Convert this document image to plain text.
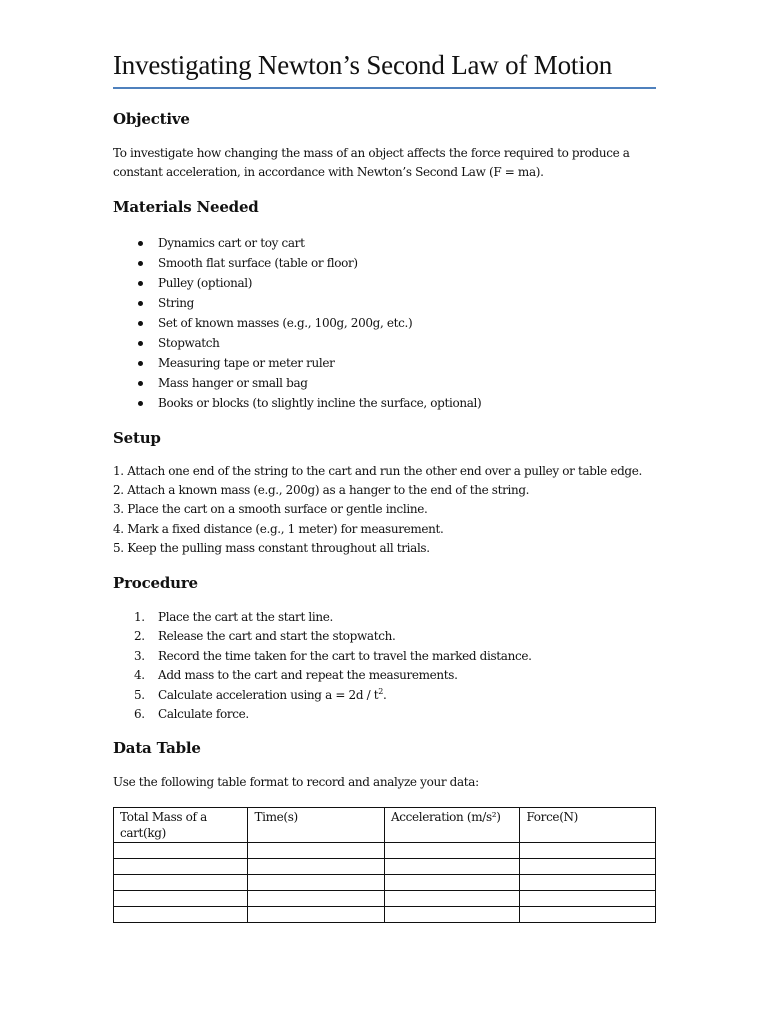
Investigating Newton’s Second Law of Motion
Objective

To investigate how changing the mass of an object affects the force required to produce a constant acceleration, in accordance with Newton’s Second Law (F = ma).

Materials Needed
Dynamics cart or toy cart
Smooth flat surface (table or floor)
Pulley (optional)
String
Set of known masses (e.g., 100g, 200g, etc.)
Stopwatch
Measuring tape or meter ruler
Mass hanger or small bag
Books or blocks (to slightly incline the surface, optional)
Setup
1. Attach one end of the string to the cart and run the other end over a pulley or table edge.
2. Attach a known mass (e.g., 200g) as a hanger to the end of the string.
3. Place the cart on a smooth surface or gentle incline.
4. Mark a fixed distance (e.g., 1 meter) for measurement.
5. Keep the pulling mass constant throughout all trials.
Procedure
1. Place the cart at the start line.
2. Release the cart and start the stopwatch.
3. Record the time taken for the cart to travel the marked distance.
4. Add mass to the cart and repeat the measurements.
5. Calculate acceleration using $a = 2d / t^2$.
6. Calculate force.
Data Table

Use the following table format to record and analyze your data:

Total Mass of a cart(kg)	Time(s)	Acceleration (m/s²)	Force(N)
